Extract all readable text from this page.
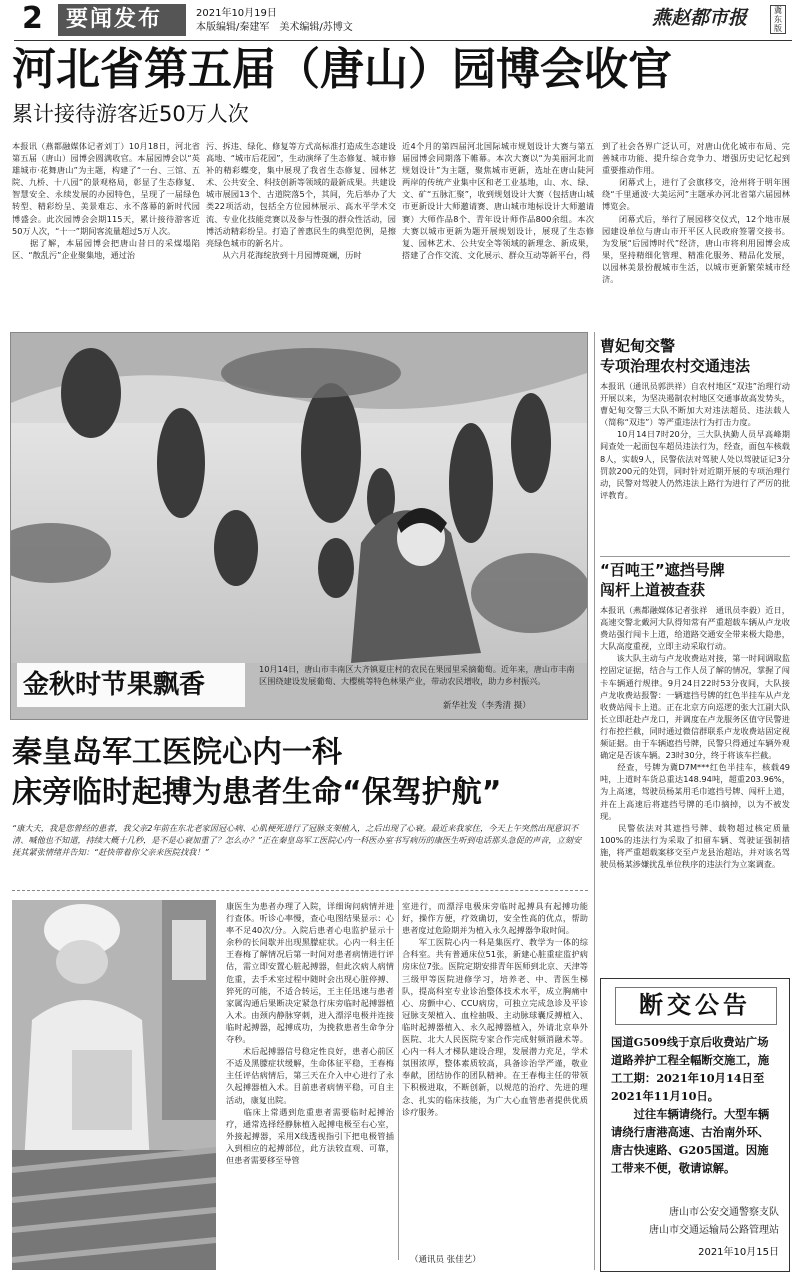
2 要闻发布	2021年10月19日
本版编辑/秦建军　美术编辑/苏博文	燕赵都市报	冀东版
河北省第五届（唐山）园博会收官
累计接待游客近50万人次
本报讯（燕都融媒体记者刘丁）10月18日，河北省第五届（唐山）园博会圆满收官。本届园博会以“英雄城市·花舞唐山”为主题，构建了“一台、三馆、五院、九桥、十八园”的景观格局，彰显了生态修复、智慧安全、永续发展的办园特色，呈现了一届绿色转型、精彩纷呈、美景难忘、永不落幕的新时代园博盛会。此次园博会会期115天，累计接待游客近50万人次，“十一”期间客流量超过5万人次。
　　据了解，本届园博会把唐山昔日的采煤塌陷区、“散乱污”企业聚集地，通过治
污、拆违、绿化、修复等方式高标准打造成生态建设高地、“城市后花园”，生动演绎了生态修复、城市修补的精彩蝶变，集中展现了我省生态修复、园林艺术、公共安全、科技创新等领域的最新成果。共建设城市展园13个、古道院落5个，其间，先后举办了大类22项活动，包括全方位园林展示、高水平学术交流、专业化技能竞赛以及参与性强的群众性活动，园博活动精彩纷呈。打造了普惠民生的典型范例，是擦亮绿色城市的新名片。
　　从六月花海绽放到十月园博斑斓，历时
近4个月的第四届河北国际城市规划设计大赛与第五届园博会同期落下帷幕。本次大赛以“为美丽河北而规划设计”为主题，聚焦城市更新，选址在唐山陡河两岸的传统产业集中区和老工业基地，山、水、绿、文、矿“五脉汇聚”，收到规划设计大赛（包括唐山城市更新设计大师邀请赛、唐山城市地标设计大师邀请赛）大师作品8个、青年设计师作品800余组。本次大赛以城市更新为题开展规划设计，展现了生态修复、园林艺术、公共安全等领域的新理念、新成果，搭建了合作交流、文化展示、群众互动等新平台，得
到了社会各界广泛认可，对唐山优化城市布局、完善城市功能、提升综合竞争力、增强历史记忆起到重要推动作用。
　　闭幕式上，进行了会旗移交，沧州将于明年围绕“千里通波·大美运河”主题承办河北省第六届园林博览会。
　　闭幕式后，举行了展园移交仪式，12个地市展园建设单位与唐山市开平区人民政府签署交接书。为发展“后园博时代”经济，唐山市将利用园博会成果，坚持精细化管理、精准化服务、精品化发展，以园林美景扮靓城市生活，以城市更新繁荣城市经济。
金秋时节果飘香
10月14日，唐山市丰南区大齐镇夏庄村的农民在果园里采摘葡萄。近年来，唐山市丰南区围绕建设发展葡萄、大樱桃等特色林果产业，带动农民增收，助力乡村振兴。
新华社发（李秀清 摄）
曹妃甸交警
专项治理农村交通违法
本报讯（通讯员郭洪祥）自农村地区“双违”治理行动开展以来，为坚决遏制农村地区交通事故高发势头，曹妃甸交警三大队不断加大对违法超员、违法载人（简称“双违”）等严重违法行为打击力度。
　　10月14日7时20分，三大队执勤人员早高峰期间查处一起面包车超员违法行为，经查，面包车核载8人，实载9人，民警依法对驾驶人处以驾驶证记3分罚款200元的处罚，同时针对近期开展的专项治理行动，民警对驾驶人仍然违法上路行为进行了严厉的批评教育。
“百吨王”遮挡号牌
闯杆上道被查获
本报讯（燕都融媒体记者张祥　通讯员李毅）近日，高速交警北戴河大队得知常有严重超载车辆从卢龙收费站强行闯卡上道，给道路交通安全带来极大隐患，大队高度重视，立即主动采取行动。
　　该大队主动与卢龙收费站对接，第一时间调取监控固定证据，结合与工作人员了解的情况，掌握了闯卡车辆通行规律。9月24日22时53分夜间，大队接卢龙收费站报警：一辆遮挡号牌的红色半挂车从卢龙收费站闯卡上道。正在北京方向巡逻的张大江副大队长立即赶赴卢龙口，并调度在卢龙服务区值守民警进行布控拦截，同时通过微信群联系卢龙收费站固定视频证据。由于车辆遮挡号牌，民警只得通过车辆外观确定是否该车辆。23时30分，终于将该车拦截。
　　经查，号牌为冀D7M***红色半挂车，核载49吨，上道时车货总重达148.94吨，超重203.96%，为上高速，驾驶员杨某用毛巾遮挡号牌、闯杆上道，并在上高速后将遮挡号牌的毛巾摘掉，以为不被发现。
　　民警依法对其遮挡号牌、载物超过核定质量100%的违法行为采取了扣留车辆、驾驶证强制措施，将严重超载案移交至卢龙县治超站，并对该名驾驶员杨某涉嫌扰乱单位秩序的违法行为立案调查。
断交公告
国道G509线于京后收费站广场道路养护工程全幅断交施工，施工工期：2021年10月14日至2021年11月10日。
　　过往车辆请绕行。大型车辆请绕行唐港高速、古治南外环、唐古快速路、G205国道。因施工带来不便，敬请谅解。
唐山市公安交通警察支队
唐山市交通运输局公路管理站
2021年10月15日
秦皇岛军工医院心内一科
床旁临时起搏为患者生命“保驾护航”
“康大夫，我是您曾经的患者，我父亲2年前在东北老家因冠心病、心肌梗死进行了冠脉支架植入，之后出现了心衰。最近来我家住，今天上午突然出现意识不清、喊他也不知道，持续大概十几秒，是不是心衰加重了？怎么办？”正在秦皇岛军工医院心内一科医办室书写病历的康医生听到电话那头急促的声音，立刻安抚其紧张情绪并告知：“赶快带着你父亲来医院找我！”
康医生为患者办理了入院，详细询问病情并进行查体。听诊心率慢，查心电图结果显示：心率不足40次/分。入院后患者心电监护显示十余秒的长间歇并出现黑朦症状。心内一科主任王春梅了解情况后第一时间对患者病情进行评估，需立即安置心脏起搏器，但此次病人病情危重，去手术室过程中随时会出现心脏停搏、猝死的可能，不适合转运，王主任迅速与患者家属沟通后果断决定紧急行床旁临时起搏器植入术。由颈内静脉穿刺，进入漂浮电极并连接临时起搏器，起搏成功，为挽救患者生命争分夺秒。
　　术后起搏器信号稳定性良好，患者心前区不适及黑朦症状缓解，生命体征平稳，王春梅主任评估病情后，第三天在介入中心进行了永久起搏器植入术。目前患者病情平稳，可自主活动，康复出院。
　　临床上常遇到危重患者需要临时起搏治疗，通常选择经静脉植入起搏电极至右心室，外接起搏器，采用X线透视指引下把电极管插入到相应的起搏部位，此方法较直观、可靠，但患者需要移至导管
室进行，而漂浮电极床旁临时起搏具有起搏功能好，操作方便，疗效确切，安全性高的优点，帮助患者度过危险期并为植入永久起搏器争取时间。
　　军工医院心内一科是集医疗、教学为一体的综合科室。共有普通床位51张，新建心脏重症监护病房床位7张。医院定期安排青年医师到北京、天津等三级甲等医院进修学习，培养老、中、青医生梯队，提高科室专业诊治整体技术水平，成立胸痛中心、房颤中心、CCU病房，可独立完成急诊及平诊冠脉支架植入、血栓抽吸、主动脉球囊反搏植入、临时起搏器植入、永久起搏器植入，外请北京阜外医院、北大人民医院专家合作完成射频消融术等。心内一科人才梯队建设合理，发展潜力充足，学术氛围浓厚，整体素质较高，具备诊治学严谨，敬业奉献，团结协作的团队精神。在王春梅主任的带领下积极进取，不断创新，以规范的治疗、先进的理念、扎实的临床技能，为广大心血管患者提供优质诊疗服务。
（通讯员 张佳艺）
